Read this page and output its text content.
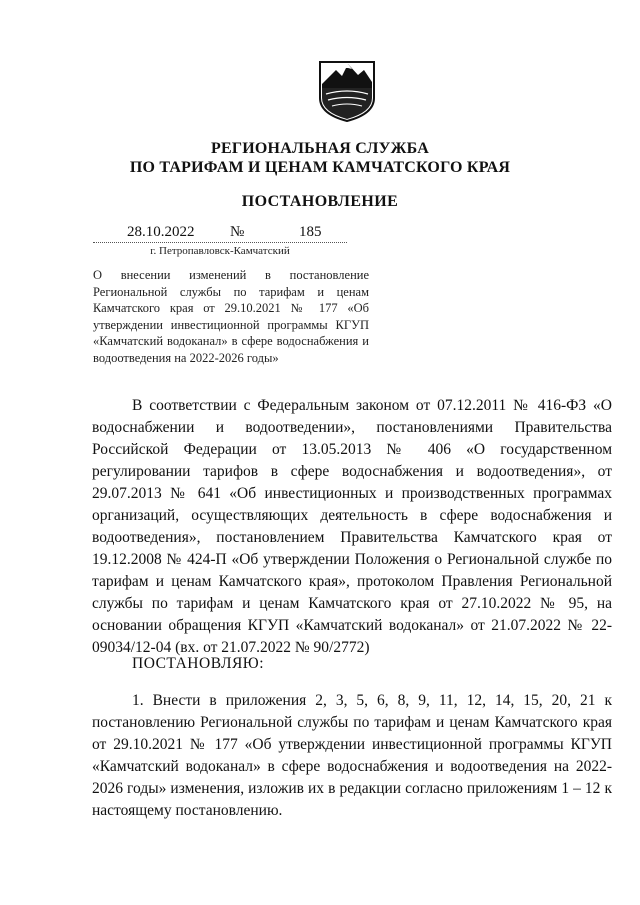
РЕГИОНАЛЬНАЯ СЛУЖБА
ПО ТАРИФАМ И ЦЕНАМ КАМЧАТСКОГО КРАЯ
ПОСТАНОВЛЕНИЕ
28.10.2022 №	185
г. Петропавловск-Камчатский
О внесении изменений в постановление Региональной службы по тарифам и ценам Камчатского края от 29.10.2021 № 177 «Об утверждении инвестиционной программы КГУП «Камчатский водоканал» в сфере водоснабжения и водоотведения на 2022-2026 годы»
В соответствии с Федеральным законом от 07.12.2011 № 416-ФЗ «О водоснабжении и водоотведении», постановлениями Правительства Российской Федерации от 13.05.2013 № 406 «О государственном регулировании тарифов в сфере водоснабжения и водоотведения», от 29.07.2013 № 641 «Об инвестиционных и производственных программах организаций, осуществляющих деятельность в сфере водоснабжения и водоотведения», постановлением Правительства Камчатского края от 19.12.2008 № 424-П «Об утверждении Положения о Региональной службе по тарифам и ценам Камчатского края», протоколом Правления Региональной службы по тарифам и ценам Камчатского края от 27.10.2022 № 95, на основании обращения КГУП «Камчатский водоканал» от 21.07.2022 № 22-09034/12-04 (вх. от 21.07.2022 № 90/2772)
ПОСТАНОВЛЯЮ:
1. Внести в приложения 2, 3, 5, 6, 8, 9, 11, 12, 14, 15, 20, 21 к постановлению Региональной службы по тарифам и ценам Камчатского края от 29.10.2021 № 177 «Об утверждении инвестиционной программы КГУП «Камчатский водоканал» в сфере водоснабжения и водоотведения на 2022-2026 годы» изменения, изложив их в редакции согласно приложениям 1 – 12 к настоящему постановлению.
